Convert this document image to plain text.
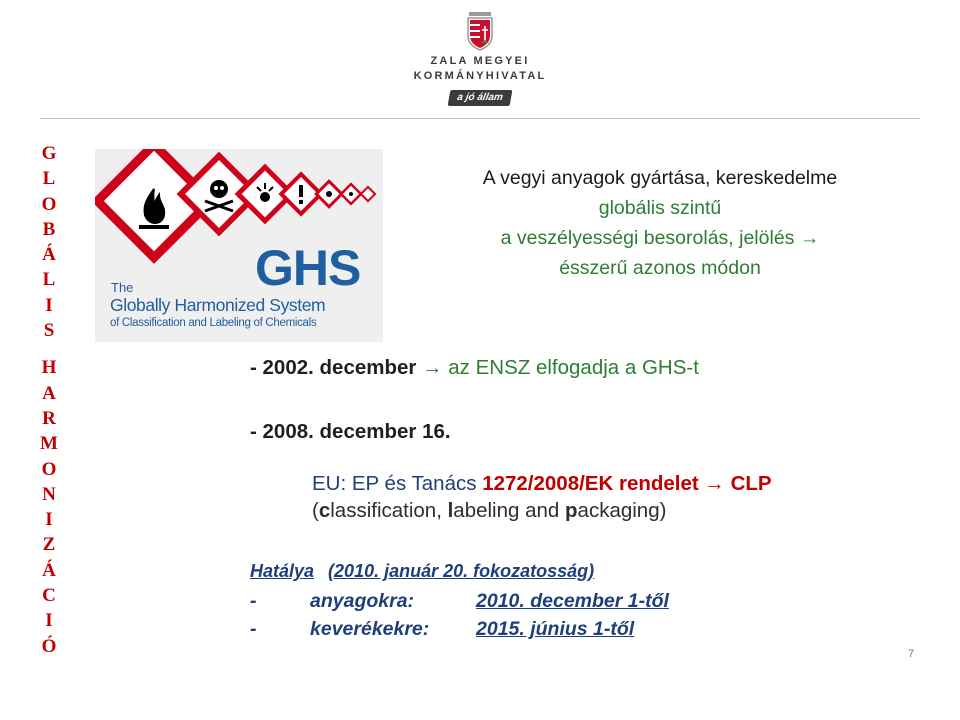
ZALA MEGYEI
KORMÁNYHIVATAL
a jó állam
G
L
O
B
Á
L
I
S
H
A
R
M
O
N
I
Z
Á
C
I
Ó
GHS
The
Globally Harmonized System
of Classification and Labeling of Chemicals
A vegyi anyagok gyártása, kereskedelme
globális szintű
a veszélyességi besorolás, jelölés →
ésszerű azonos módon
- 2002. december → az ENSZ elfogadja a GHS-t
- 2008. december 16.
EU: EP és Tanács 1272/2008/EK rendelet → CLP
(classification, labeling and packaging)
Hatálya (2010. január 20. fokozatosság)
-	anyagokra:	2010. december 1-től
-	keverékekre: 2015. június 1-től
7
